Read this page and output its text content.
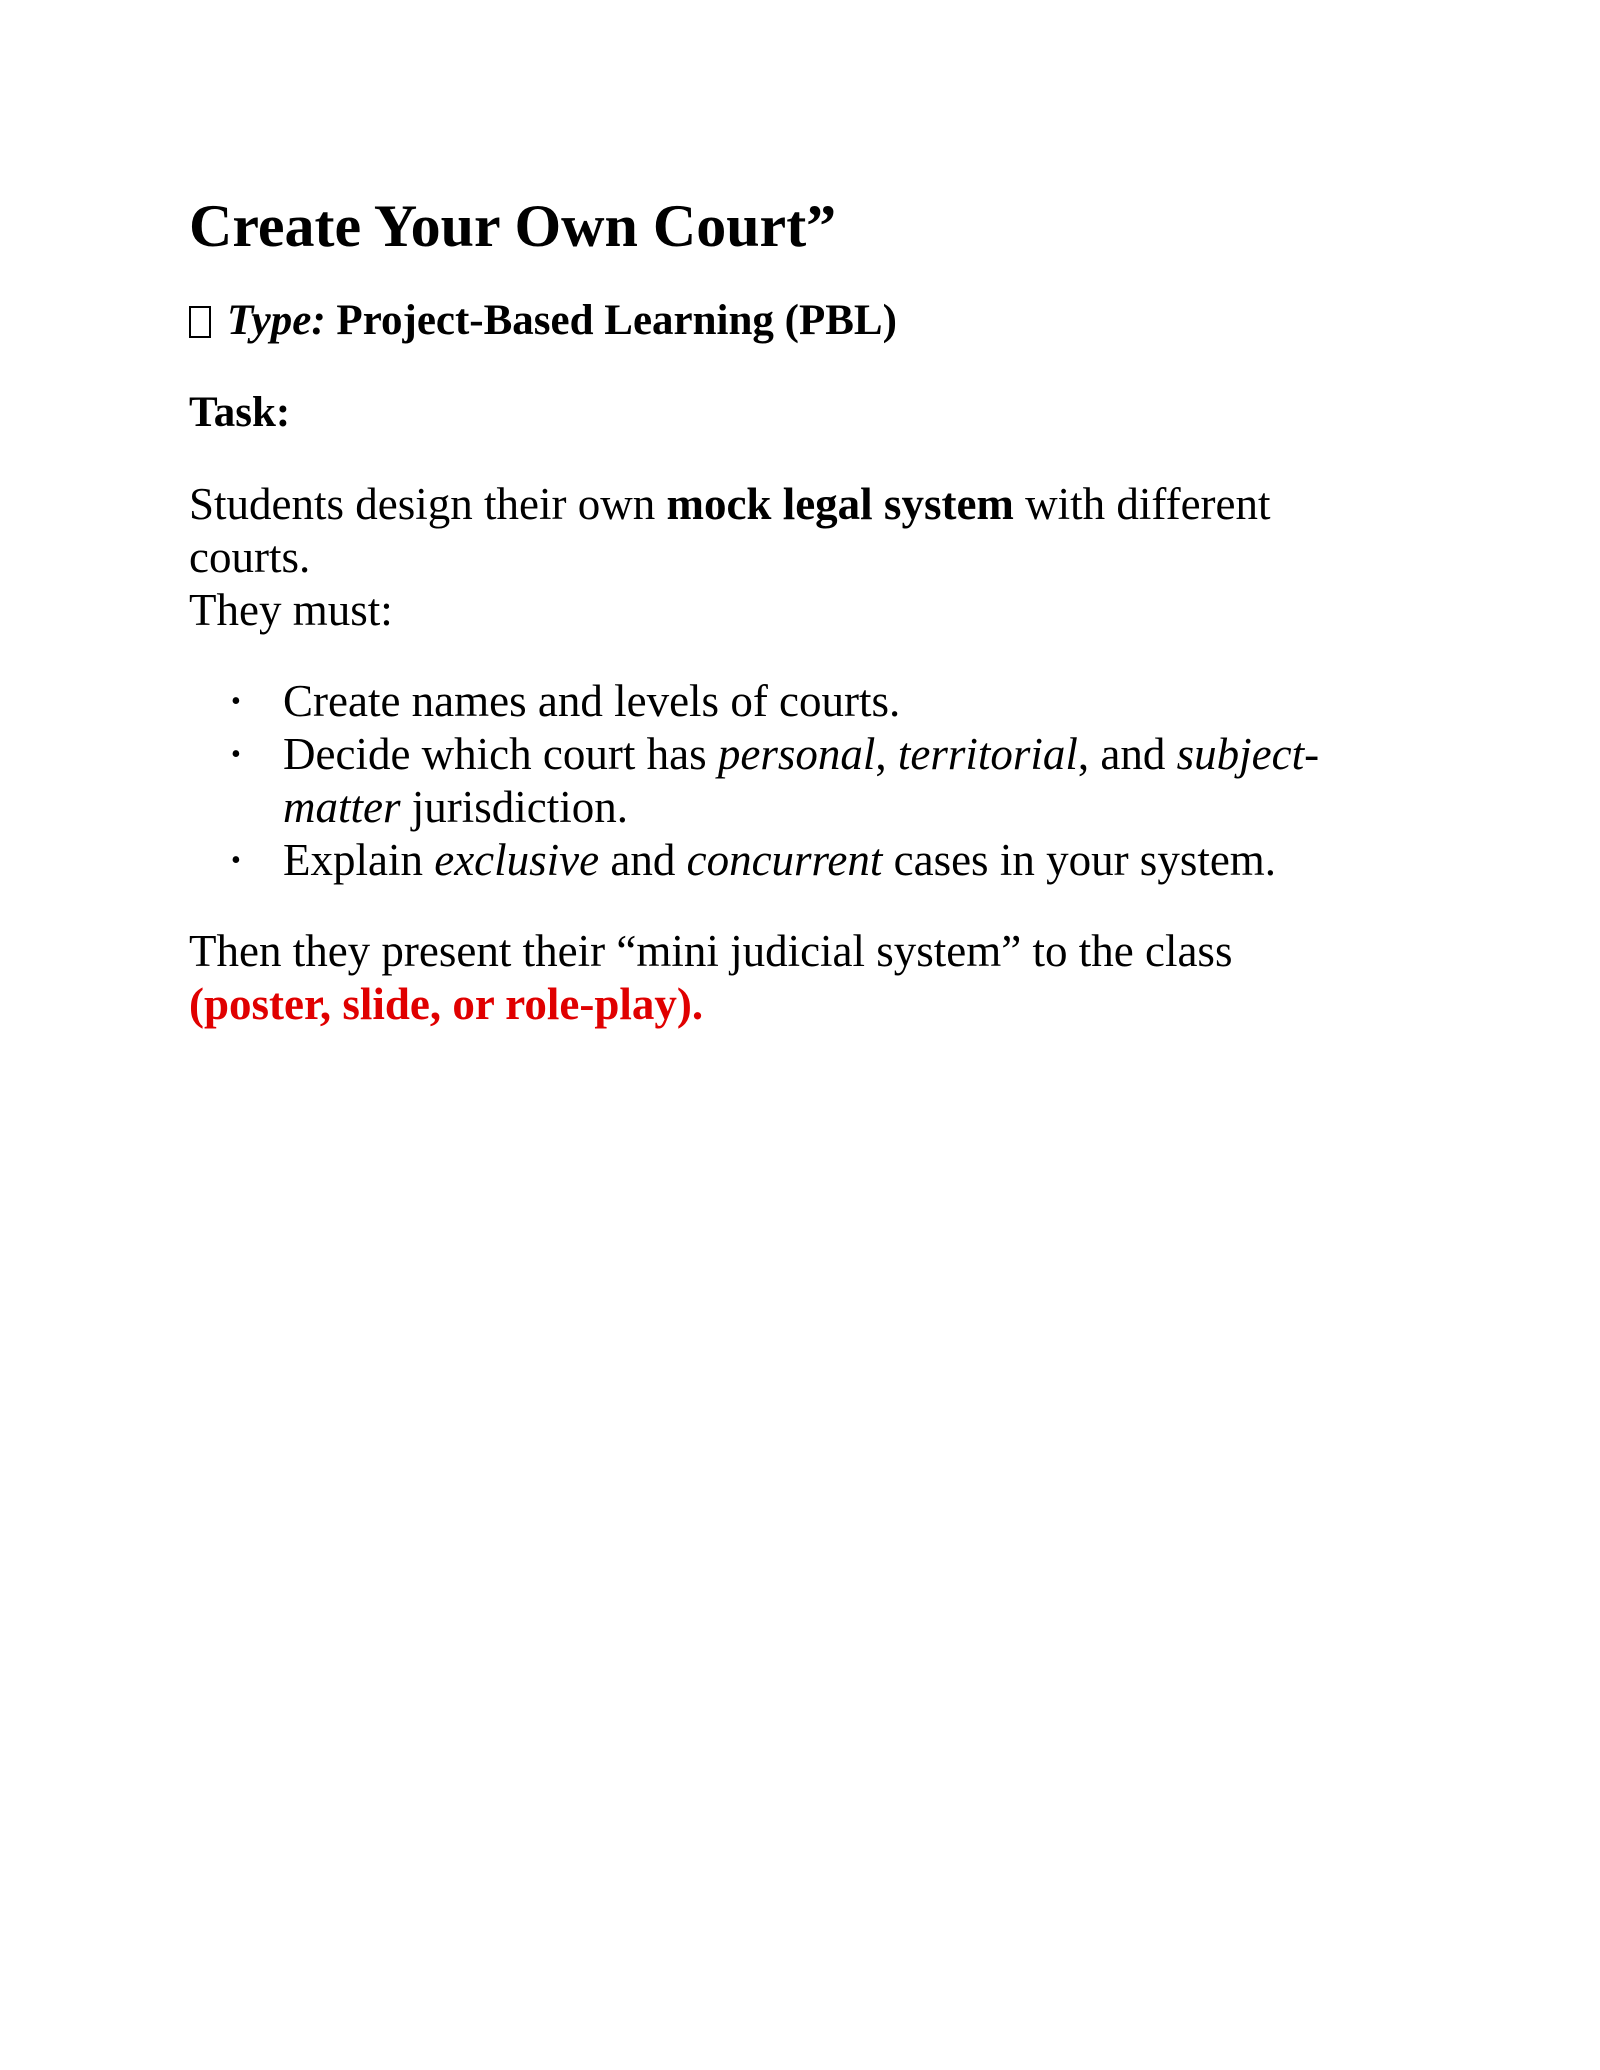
Create Your Own Court”
Type: Project-Based Learning (PBL)
Task:
Students design their own mock legal system with different
courts.
They must:
• Create names and levels of courts.
• Decide which court has personal, territorial, and subject-
matter jurisdiction.
• Explain exclusive and concurrent cases in your system.
Then they present their “mini judicial system” to the class
(poster, slide, or role-play).
